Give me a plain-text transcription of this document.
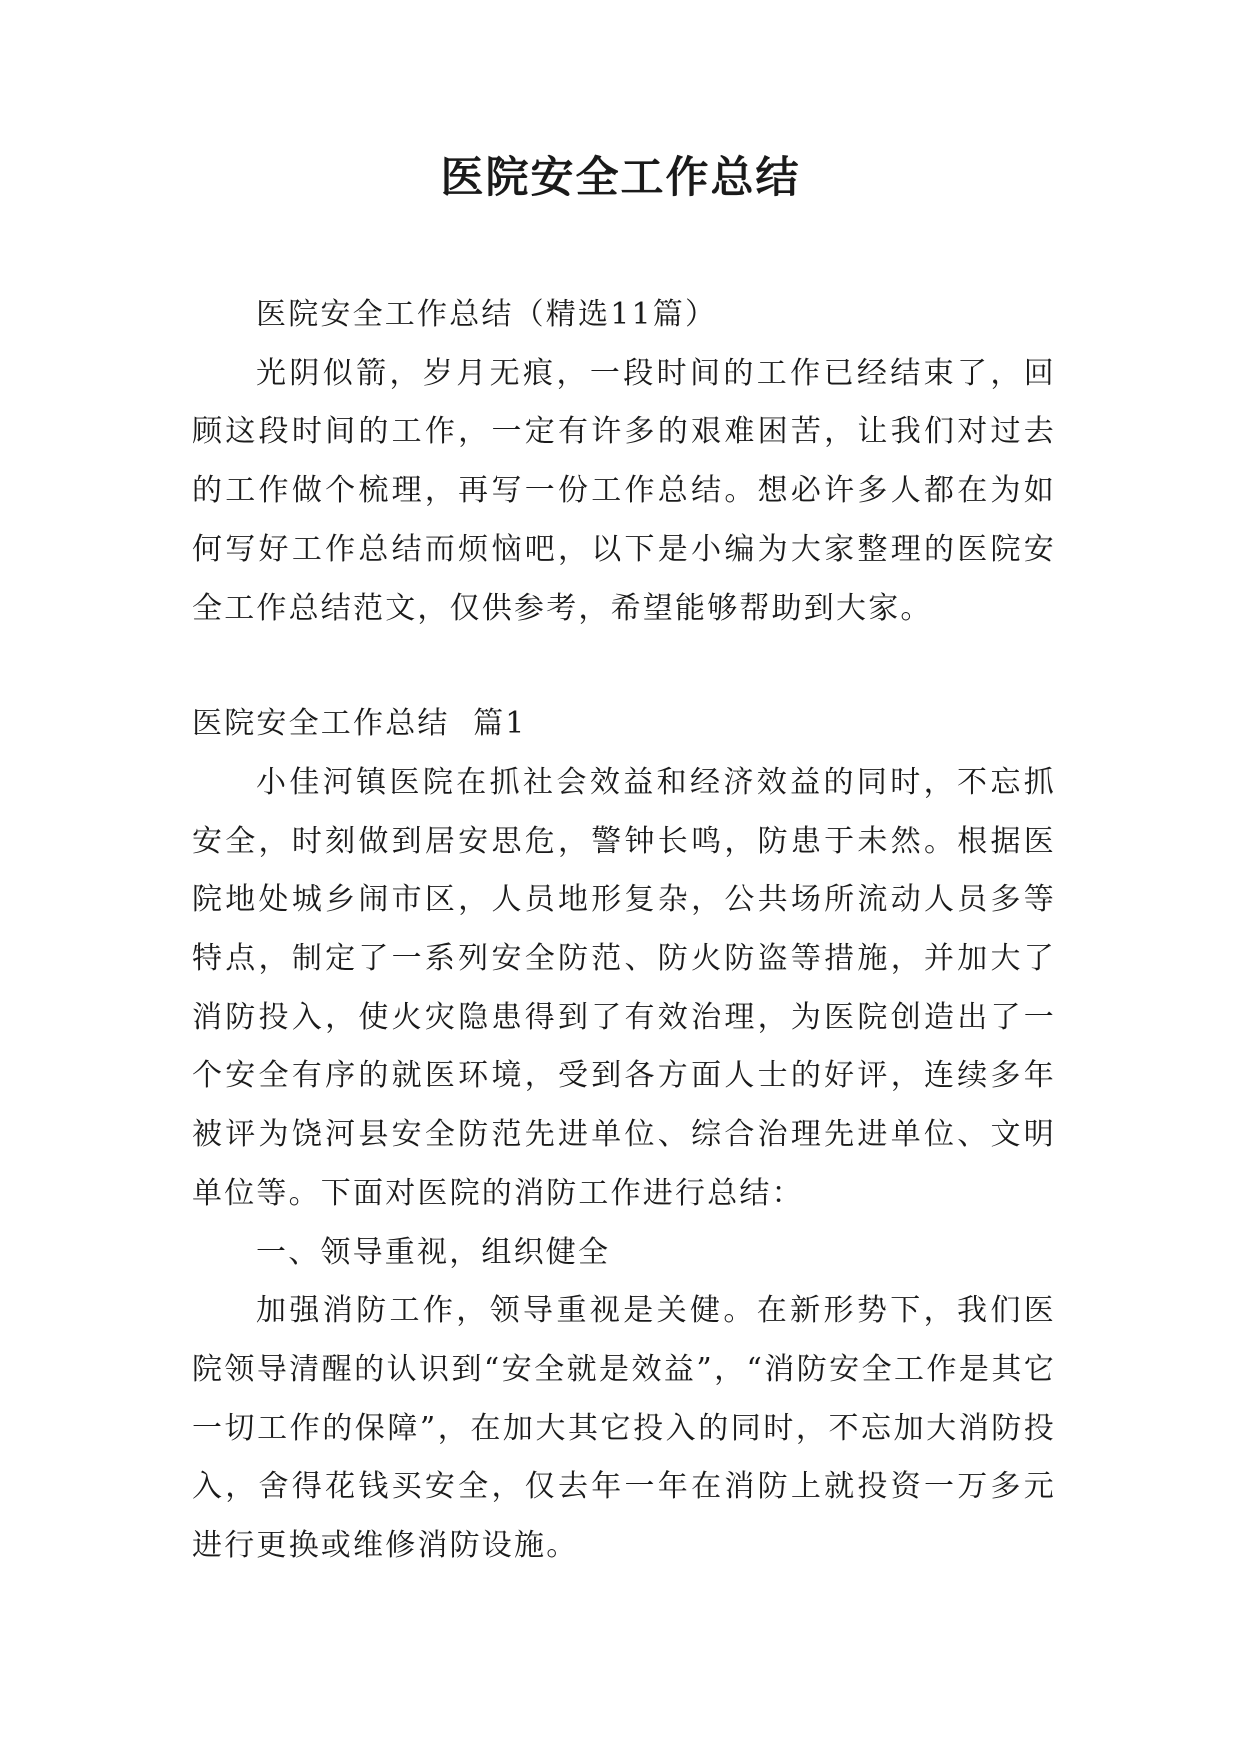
医院安全工作总结

医院安全工作总结（精选11篇）

光阴似箭，岁月无痕，一段时间的工作已经结束了，回顾这段时间的工作，一定有许多的艰难困苦，让我们对过去的工作做个梳理，再写一份工作总结。想必许多人都在为如何写好工作总结而烦恼吧，以下是小编为大家整理的医院安全工作总结范文，仅供参考，希望能够帮助到大家。

医院安全工作总结  篇1

小佳河镇医院在抓社会效益和经济效益的同时，不忘抓安全，时刻做到居安思危，警钟长鸣，防患于未然。根据医院地处城乡闹市区，人员地形复杂，公共场所流动人员多等特点，制定了一系列安全防范、防火防盗等措施，并加大了消防投入，使火灾隐患得到了有效治理，为医院创造出了一个安全有序的就医环境，受到各方面人士的好评，连续多年被评为饶河县安全防范先进单位、综合治理先进单位、文明单位等。下面对医院的消防工作进行总结：

一、领导重视，组织健全

加强消防工作，领导重视是关健。在新形势下，我们医院领导清醒的认识到“安全就是效益”，“消防安全工作是其它一切工作的保障”，在加大其它投入的同时，不忘加大消防投入，舍得花钱买安全，仅去年一年在消防上就投资一万多元进行更换或维修消防设施。
